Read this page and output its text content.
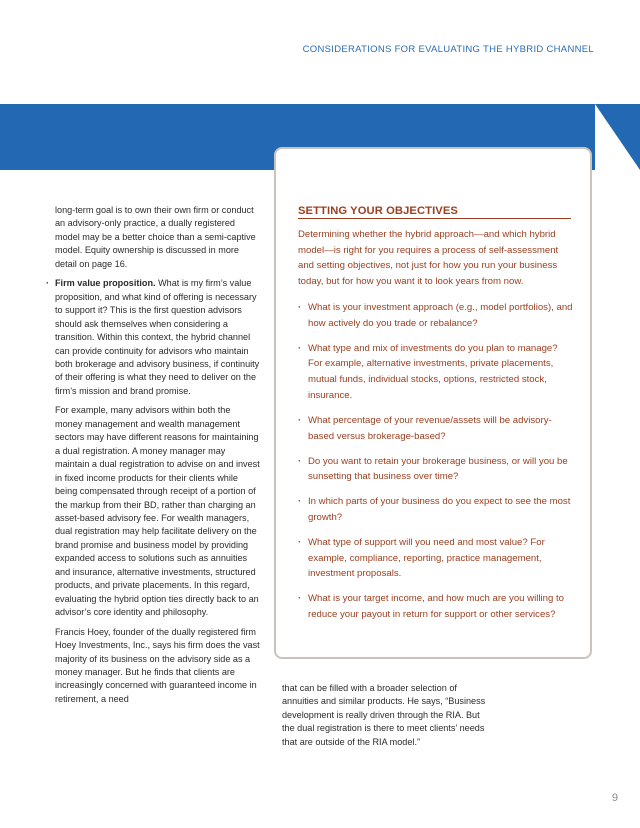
CONSIDERATIONS FOR EVALUATING THE HYBRID CHANNEL

long-term goal is to own their own firm or conduct an advisory-only practice, a dually registered model may be a better choice than a semi-captive model. Equity ownership is discussed in more detail on page 16.

· Firm value proposition. What is my firm’s value proposition, and what kind of offering is necessary to support it? This is the first question advisors should ask themselves when considering a transition. Within this context, the hybrid channel can provide continuity for advisors who maintain both brokerage and advisory business, if continuity of their offering is what they need to deliver on the firm’s mission and brand promise.

For example, many advisors within both the money management and wealth management sectors may have different reasons for maintaining a dual registration. A money manager may maintain a dual registration to advise on and invest in fixed income products for their clients while being compensated through receipt of a portion of the markup from their BD, rather than charging an asset-based advisory fee. For wealth managers, dual registration may help facilitate delivery on the brand promise and business model by providing expanded access to solutions such as annuities and insurance, alternative investments, structured products, and private placements. In this regard, evaluating the hybrid option ties directly back to an advisor’s core identity and philosophy.

Francis Hoey, founder of the dually registered firm Hoey Investments, Inc., says his firm does the vast majority of its business on the advisory side as a money manager. But he finds that clients are increasingly concerned with guaranteed income in retirement, a need

SETTING YOUR OBJECTIVES

Determining whether the hybrid approach—and which hybrid model—is right for you requires a process of self-assessment and setting objectives, not just for how you run your business today, but for how you want it to look years from now.

· What is your investment approach (e.g., model portfolios), and how actively do you trade or rebalance?
· What type and mix of investments do you plan to manage? For example, alternative investments, private placements, mutual funds, individual stocks, options, restricted stock, insurance.
· What percentage of your revenue/assets will be advisory-based versus brokerage-based?
· Do you want to retain your brokerage business, or will you be sunsetting that business over time?
· In which parts of your business do you expect to see the most growth?
· What type of support will you need and most value? For example, compliance, reporting, practice management, investment proposals.
· What is your target income, and how much are you willing to reduce your payout in return for support or other services?

that can be filled with a broader selection of annuities and similar products. He says, “Business development is really driven through the RIA. But the dual registration is there to meet clients’ needs that are outside of the RIA model.”

9
